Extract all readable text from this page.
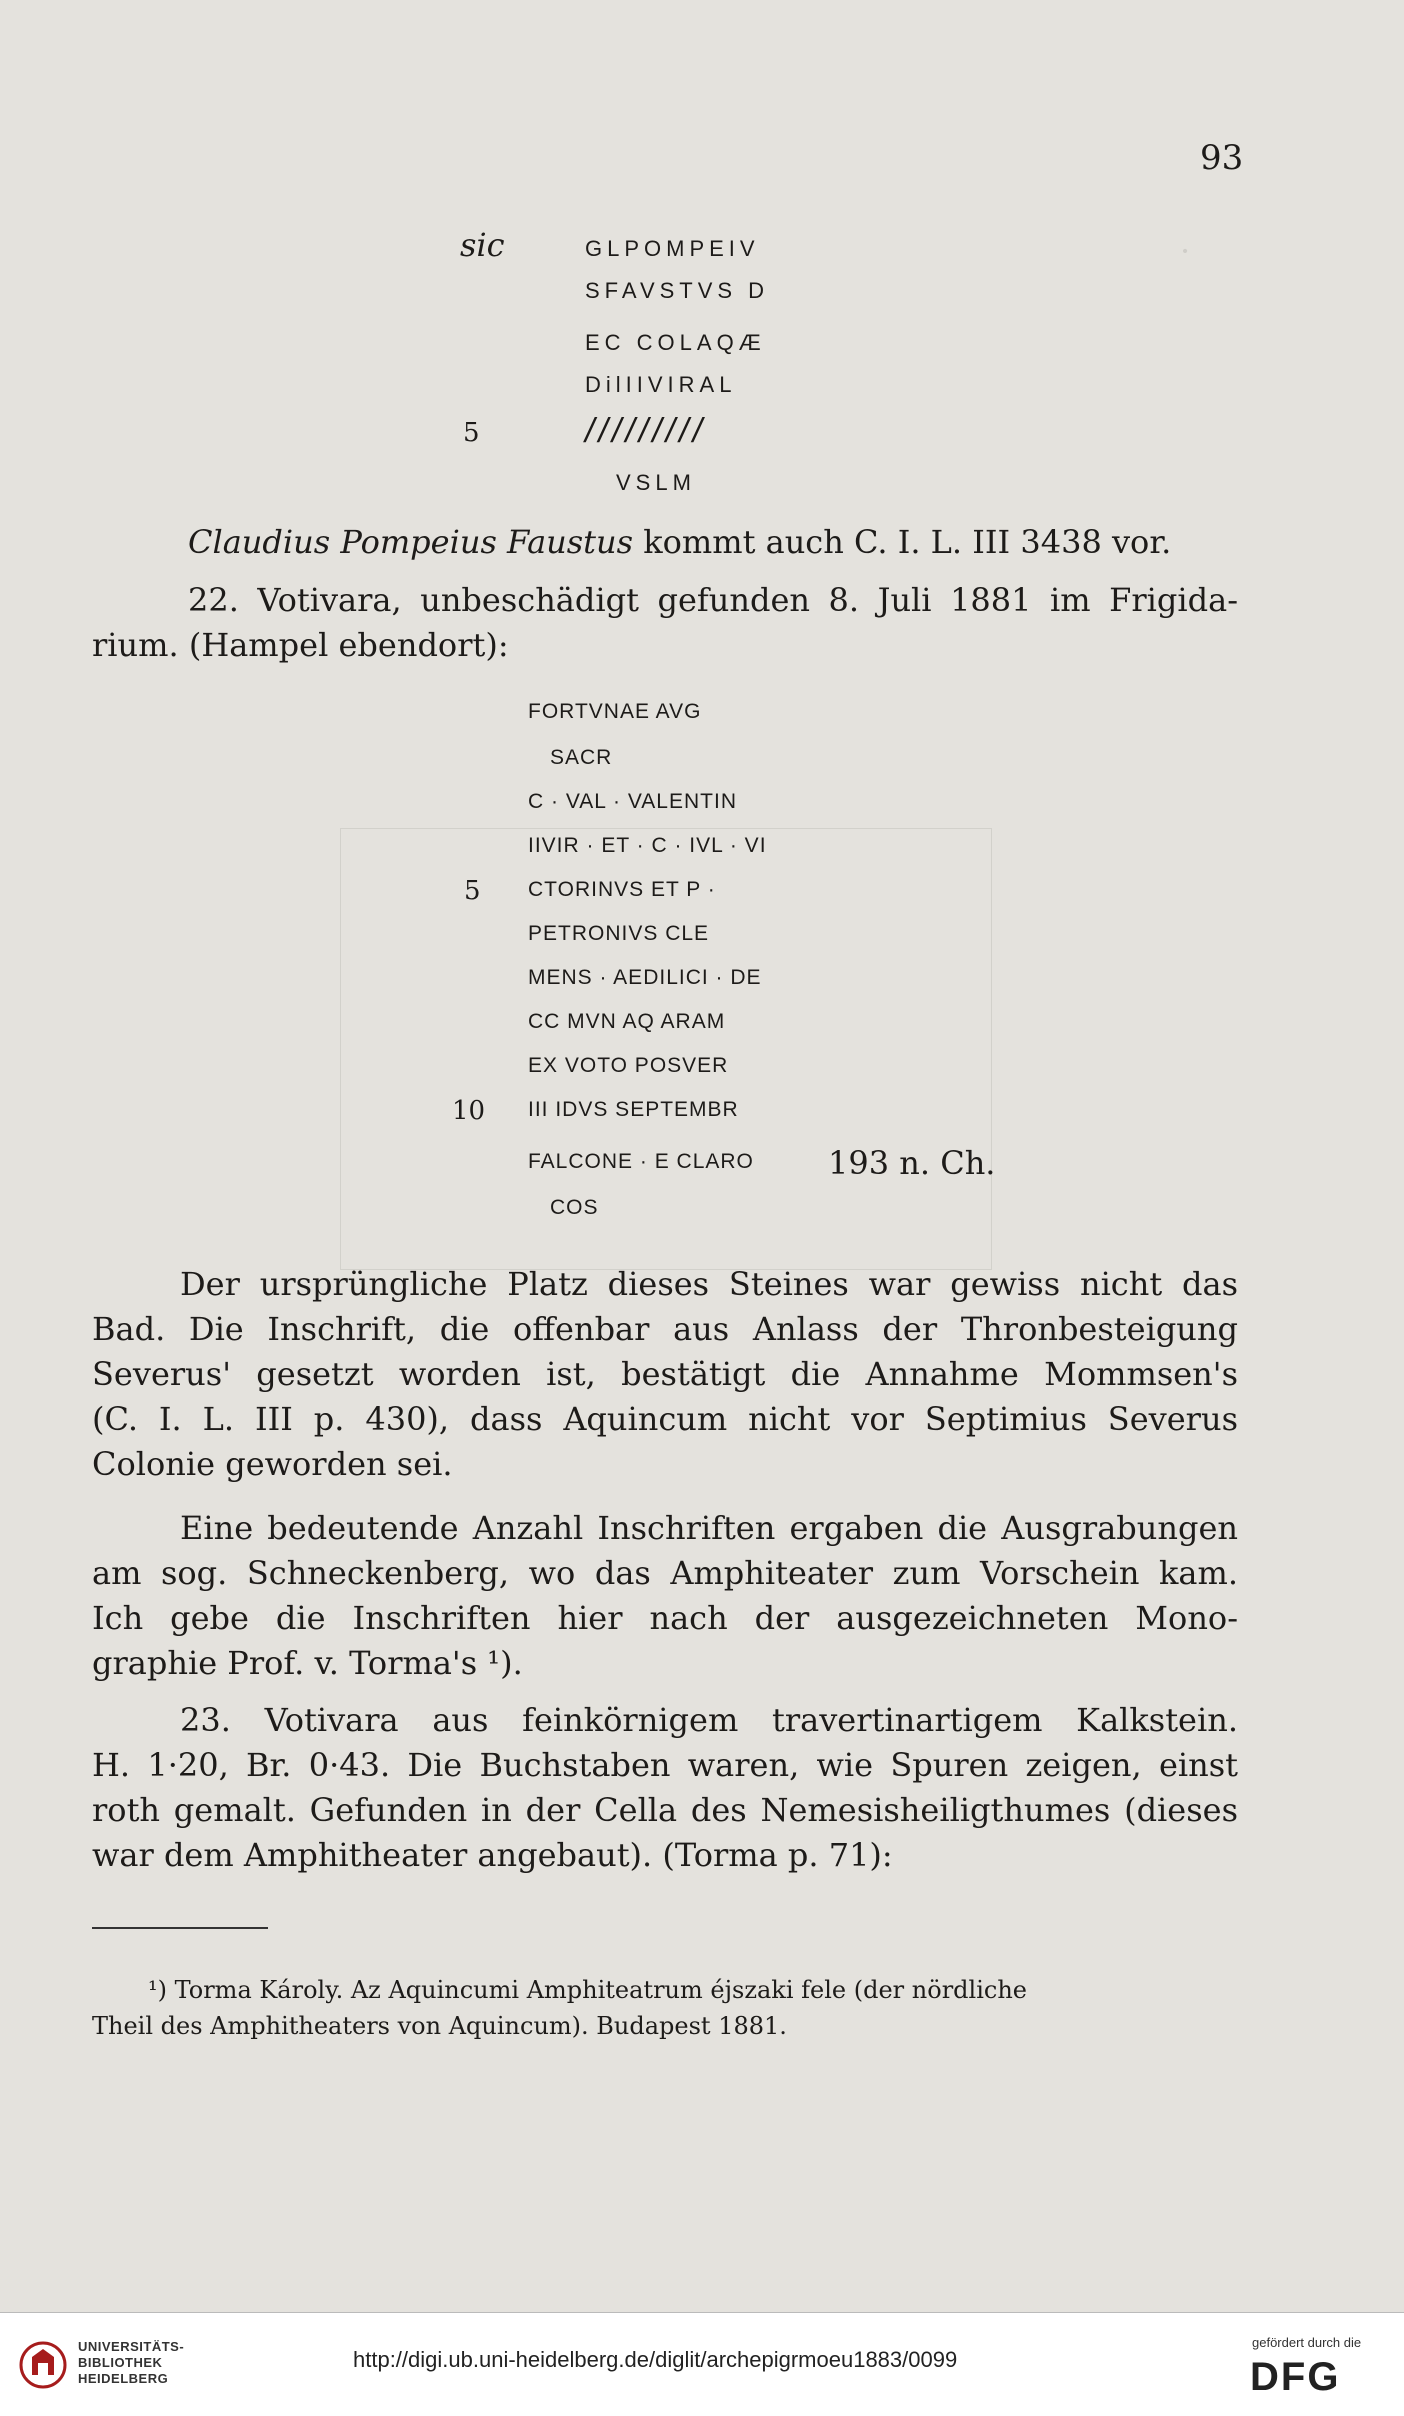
·
93
sic	GLPOMPEIV
SFAVSTVS D
EC COLAQÆ
DilIIVIRAL
5	/////////
VSLM
Claudius Pompeius Faustus kommt auch C. I. L. III 3438 vor.
22. Votivara, unbeschädigt gefunden 8. Juli 1881 im Frigida-
rium. (Hampel ebendort):
FORTVNAE AVG
SACR
C · VAL · VALENTIN
IIVIR · ET · C · IVL · VI
5 CTORINVS ET P ·
PETRONIVS CLE
MENS · AEDILICI · DE
CC MVN AQ ARAM
EX VOTO POSVER
10 III IDVS SEPTEMBR
FALCONE · E CLARO 193 n. Ch.
COS
Der ursprüngliche Platz dieses Steines war gewiss nicht das
Bad. Die Inschrift, die offenbar aus Anlass der Thronbesteigung
Severus' gesetzt worden ist, bestätigt die Annahme Mommsen's
(C. I. L. III p. 430), dass Aquincum nicht vor Septimius Severus
Colonie geworden sei.
Eine bedeutende Anzahl Inschriften ergaben die Ausgrabungen
am sog. Schneckenberg, wo das Amphiteater zum Vorschein kam.
Ich gebe die Inschriften hier nach der ausgezeichneten Mono-
graphie Prof. v. Torma's ¹).
23. Votivara aus feinkörnigem travertinartigem Kalkstein.
H. 1·20, Br. 0·43. Die Buchstaben waren, wie Spuren zeigen, einst
roth gemalt. Gefunden in der Cella des Nemesisheiligthumes (dieses
war dem Amphitheater angebaut). (Torma p. 71):
¹) Torma Károly. Az Aquincumi Amphiteatrum éjszaki fele (der nördliche
Theil des Amphitheaters von Aquincum). Budapest 1881.
UNIVERSITÄTS-
BIBLIOTHEK
HEIDELBERG
http://digi.ub.uni-heidelberg.de/diglit/archepigrmoeu1883/0099
gefördert durch die
DFG
